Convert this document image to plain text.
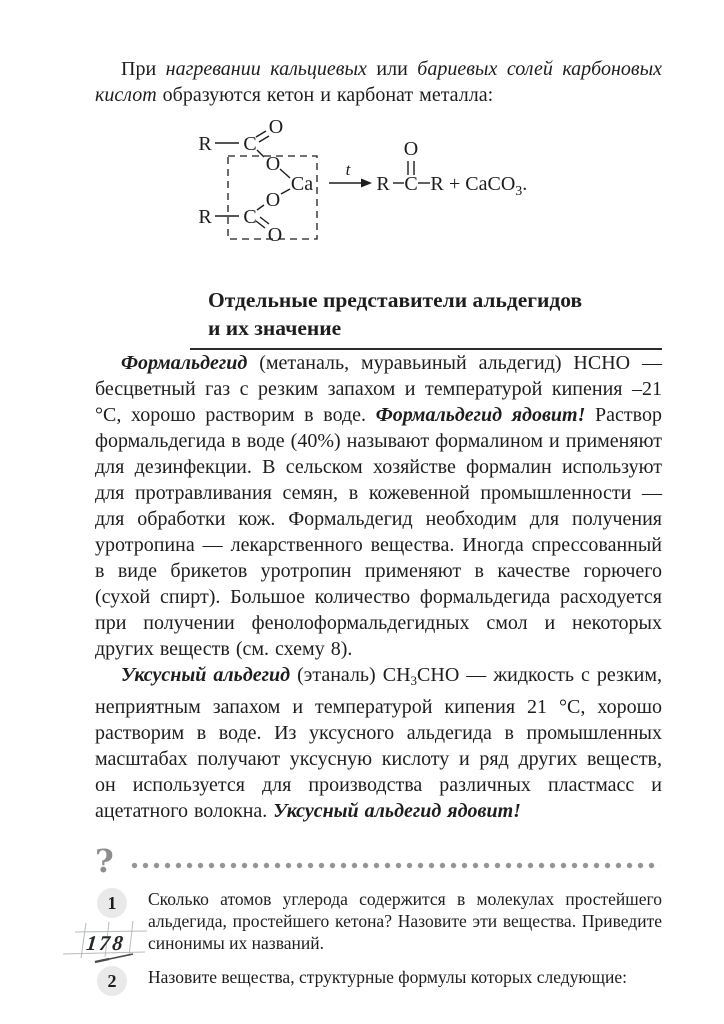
При нагревании кальциевых или бариевых солей карбоновых кислот образуются кетон и карбонат металла:

R C
O
O
Ca
O
R C
O
t
R C
O
R + CaCO$_3$.
Отдельные представители альдегидов
и их значение

Формальдегид (метаналь, муравьиный альдегид) HCHO — бесцветный газ с резким запахом и температурой кипения –21 °С, хорошо растворим в воде. Формальдегид ядовит! Раствор формальдегида в воде (40%) называют формалином и применяют для дезинфекции. В сельском хозяйстве формалин используют для протравливания семян, в кожевенной промышленности — для обработки кож. Формальдегид необходим для получения уротропина — лекарственного вещества. Иногда спрессованный в виде брикетов уротропин применяют в качестве горючего (сухой спирт). Большое количество формальдегида расходуется при получении фенолоформальдегидных смол и некоторых других веществ (см. схему 8).

Уксусный альдегид (этаналь) $CH_3CHO$ — жидкость с резким, неприятным запахом и температурой кипения 21 °С, хорошо растворим в воде. Из уксусного альдегида в промышленных масштабах получают уксусную кислоту и ряд других веществ, он используется для производства различных пластмасс и ацетатного волокна. Уксусный альдегид ядовит!

?
1 Сколько атомов углерода содержится в молекулах простейшего альдегида, простейшего кетона? Назовите эти вещества. Приведите синонимы их названий.

2 Назовите вещества, структурные формулы которых следующие:

178
